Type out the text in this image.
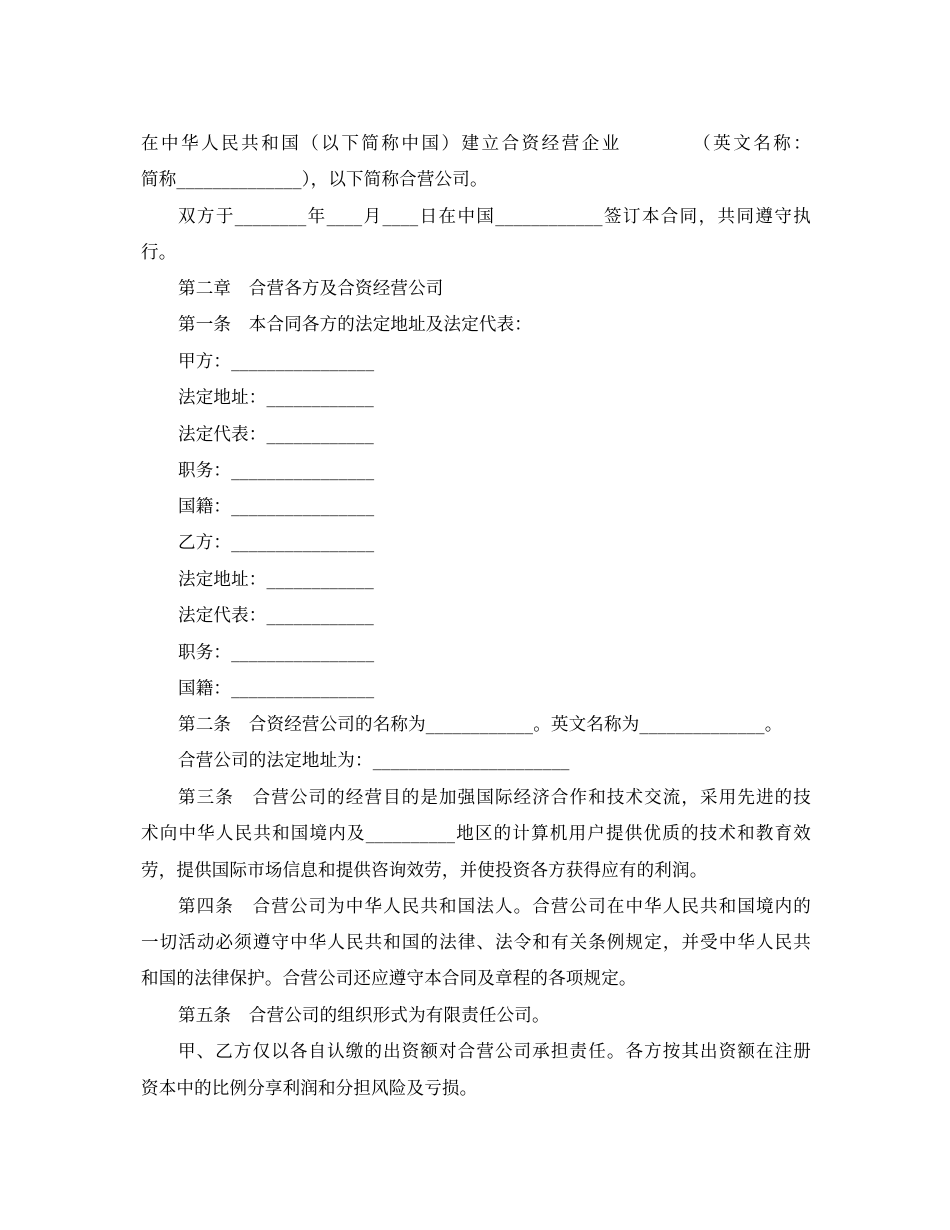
在中华人民共和国（以下简称中国）建立合资经营企业　　　　（英文名称：
简称______________），以下简称合营公司。
双方于________年____月____日在中国____________签订本合同，共同遵守执
行。
第二章　合营各方及合资经营公司
第一条　本合同各方的法定地址及法定代表：
甲方：________________
法定地址：____________
法定代表：____________
职务：________________
国籍：________________
乙方：________________
法定地址：____________
法定代表：____________
职务：________________
国籍：________________
第二条　合资经营公司的名称为____________。英文名称为______________。
合营公司的法定地址为：______________________
第三条　合营公司的经营目的是加强国际经济合作和技术交流，采用先进的技
术向中华人民共和国境内及__________地区的计算机用户提供优质的技术和教育效
劳，提供国际市场信息和提供咨询效劳，并使投资各方获得应有的利润。
第四条　合营公司为中华人民共和国法人。合营公司在中华人民共和国境内的
一切活动必须遵守中华人民共和国的法律、法令和有关条例规定，并受中华人民共
和国的法律保护。合营公司还应遵守本合同及章程的各项规定。
第五条　合营公司的组织形式为有限责任公司。
甲、乙方仅以各自认缴的出资额对合营公司承担责任。各方按其出资额在注册
资本中的比例分享利润和分担风险及亏损。
